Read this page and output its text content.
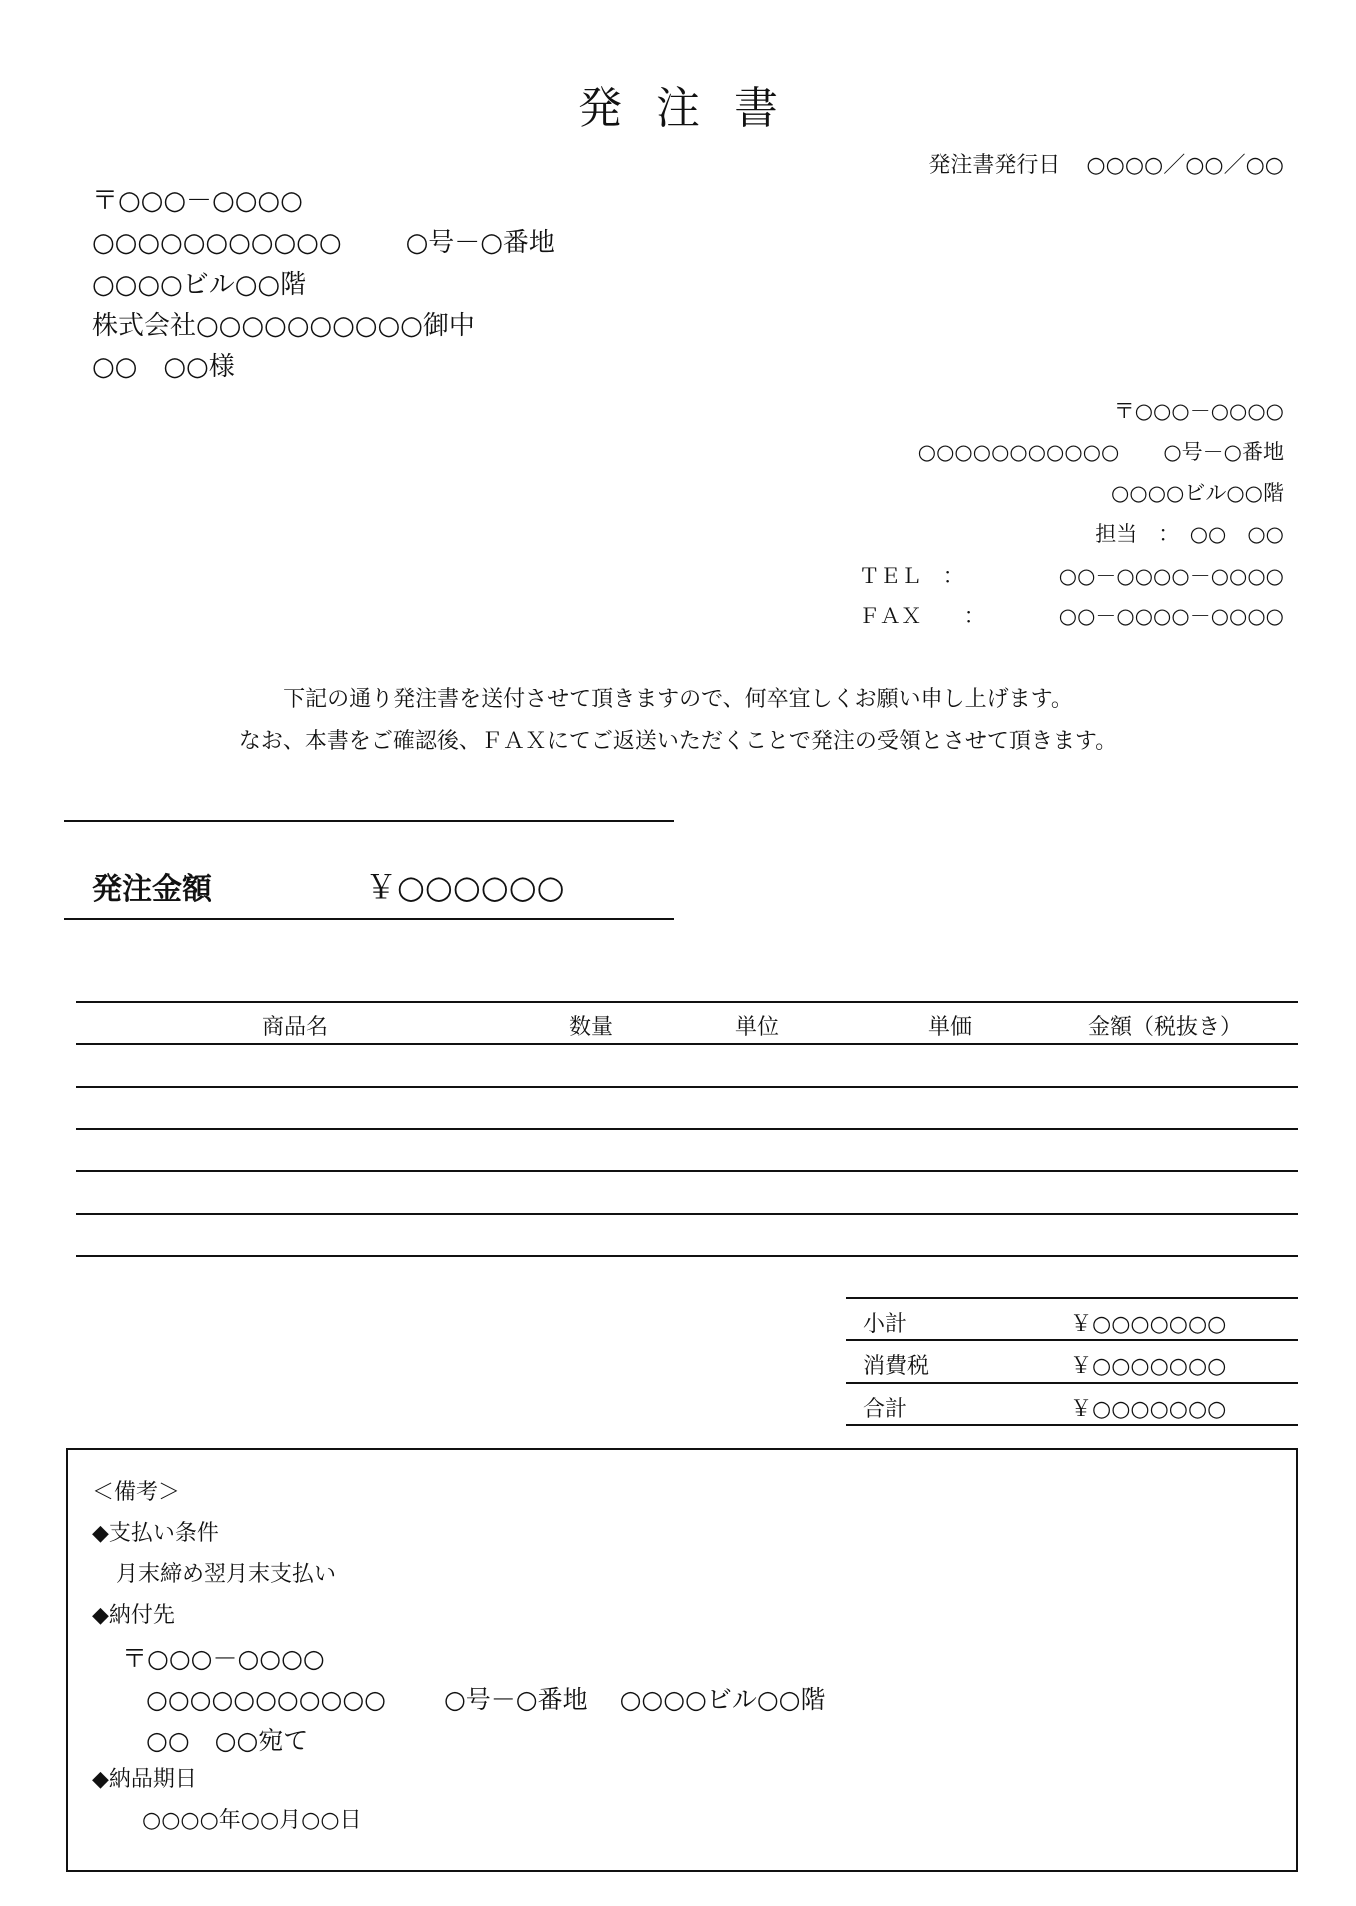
発注書
発注書発行日 ○○○○／○○／○○
〒○○○－○○○○
○○○○○○○○○○○ ○号－○番地
○○○○ビル○○階
株式会社○○○○○○○○○○御中
○○　○○様
〒○○○－○○○○
○○○○○○○○○○○ ○号－○番地
○○○○ビル○○階
担当　：　○○　○○
ＴＥＬ　：	○○－○○○○－○○○○
ＦＡＸ　　：	○○－○○○○－○○○○
下記の通り発注書を送付させて頂きますので、何卒宜しくお願い申し上げます。
なお、本書をご確認後、ＦＡＸにてご返送いただくことで発注の受領とさせて頂きます。
発注金額	￥○○○○○○
商品名	数量	単位	単価	金額（税抜き）
小計	￥○○○○○○○
消費税	￥○○○○○○○
合計	￥○○○○○○○
＜備考＞
◆支払い条件
月末締め翌月末支払い
◆納付先
〒○○○－○○○○
○○○○○○○○○○○ ○号－○番地 ○○○○ビル○○階
○○　○○宛て
◆納品期日
○○○○年○○月○○日
